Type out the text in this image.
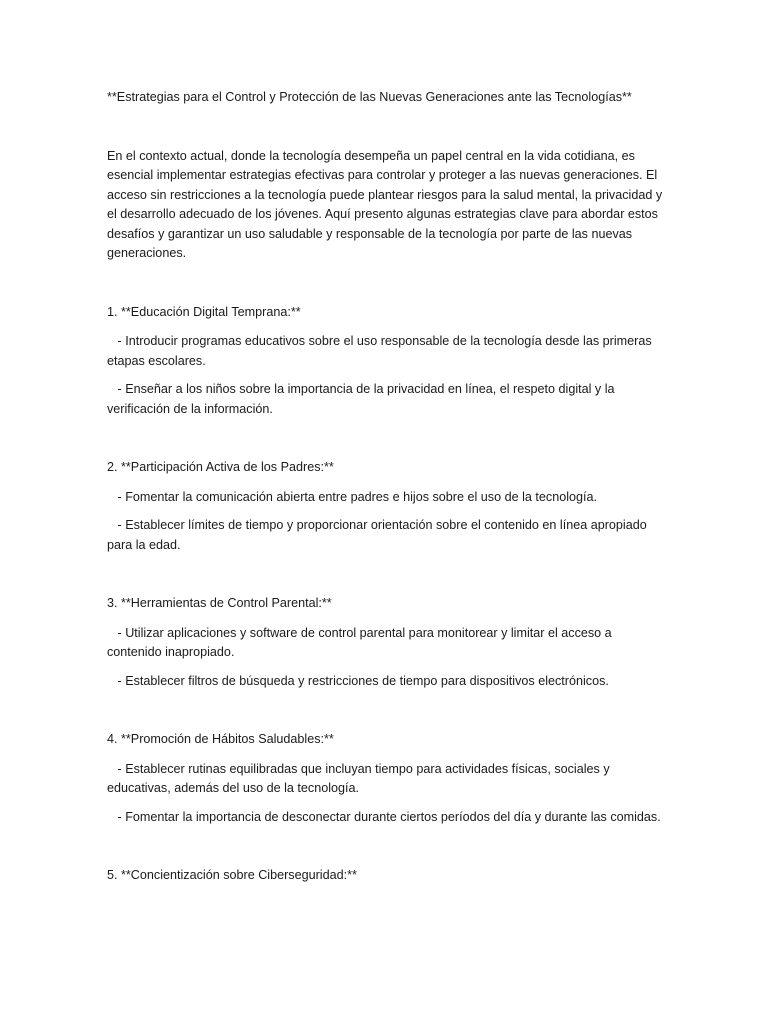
**Estrategias para el Control y Protección de las Nuevas Generaciones ante las Tecnologías**

En el contexto actual, donde la tecnología desempeña un papel central en la vida cotidiana, es esencial implementar estrategias efectivas para controlar y proteger a las nuevas generaciones. El acceso sin restricciones a la tecnología puede plantear riesgos para la salud mental, la privacidad y el desarrollo adecuado de los jóvenes. Aquí presento algunas estrategias clave para abordar estos desafíos y garantizar un uso saludable y responsable de la tecnología por parte de las nuevas generaciones.

1. **Educación Digital Temprana:**

- Introducir programas educativos sobre el uso responsable de la tecnología desde las primeras etapas escolares.

- Enseñar a los niños sobre la importancia de la privacidad en línea, el respeto digital y la verificación de la información.

2. **Participación Activa de los Padres:**

- Fomentar la comunicación abierta entre padres e hijos sobre el uso de la tecnología.

- Establecer límites de tiempo y proporcionar orientación sobre el contenido en línea apropiado para la edad.

3. **Herramientas de Control Parental:**

- Utilizar aplicaciones y software de control parental para monitorear y limitar el acceso a contenido inapropiado.

- Establecer filtros de búsqueda y restricciones de tiempo para dispositivos electrónicos.

4. **Promoción de Hábitos Saludables:**

- Establecer rutinas equilibradas que incluyan tiempo para actividades físicas, sociales y educativas, además del uso de la tecnología.

- Fomentar la importancia de desconectar durante ciertos períodos del día y durante las comidas.

5. **Concientización sobre Ciberseguridad:**
